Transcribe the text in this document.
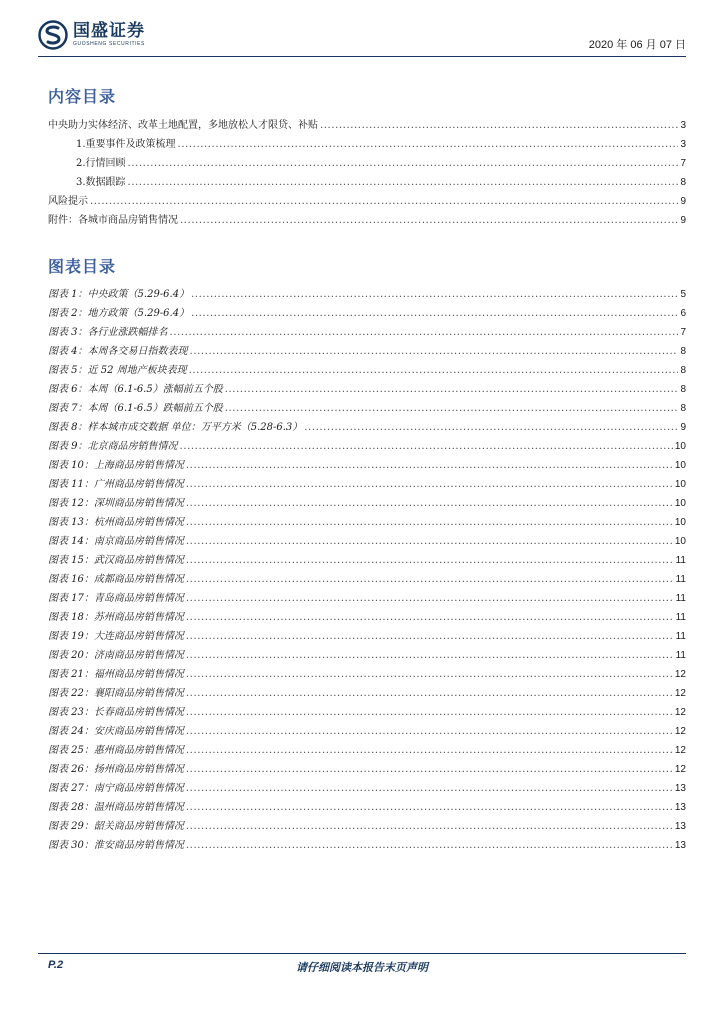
国盛证券
GUOSHENG SECURITIES	2020 年 06 月 07 日
内容目录
中央助力实体经济、改革土地配置，多地放松人才限贷、补贴 .....	3
1.重要事件及政策梳理 .....	3
2.行情回顾 .....	7
3.数据跟踪 .....	8
风险提示 .....	9
附件：各城市商品房销售情况 .....	9
图表目录
图表 1：中央政策（5.29-6.4） .....	5
图表 2：地方政策（5.29-6.4） .....	6
图表 3：各行业涨跌幅排名 .....	7
图表 4：本周各交易日指数表现 .....	8
图表 5：近 52 周地产板块表现 .....	8
图表 6：本周（6.1-6.5）涨幅前五个股 .....	8
图表 7：本周（6.1-6.5）跌幅前五个股 .....	8
图表 8：样本城市成交数据 单位：万平方米（5.28-6.3） .....	9
图表 9：北京商品房销售情况 .....	10
图表 10：上海商品房销售情况 .....	10
图表 11：广州商品房销售情况 .....	10
图表 12：深圳商品房销售情况 .....	10
图表 13：杭州商品房销售情况 .....	10
图表 14：南京商品房销售情况 .....	10
图表 15：武汉商品房销售情况 .....	11
图表 16：成都商品房销售情况 .....	11
图表 17：青岛商品房销售情况 .....	11
图表 18：苏州商品房销售情况 .....	11
图表 19：大连商品房销售情况 .....	11
图表 20：济南商品房销售情况 .....	11
图表 21：福州商品房销售情况 .....	12
图表 22：襄阳商品房销售情况 .....	12
图表 23：长春商品房销售情况 .....	12
图表 24：安庆商品房销售情况 .....	12
图表 25：惠州商品房销售情况 .....	12
图表 26：扬州商品房销售情况 .....	12
图表 27：南宁商品房销售情况 .....	13
图表 28：温州商品房销售情况 .....	13
图表 29：韶关商品房销售情况 .....	13
图表 30：淮安商品房销售情况 .....	13
P.2	请仔细阅读本报告末页声明
